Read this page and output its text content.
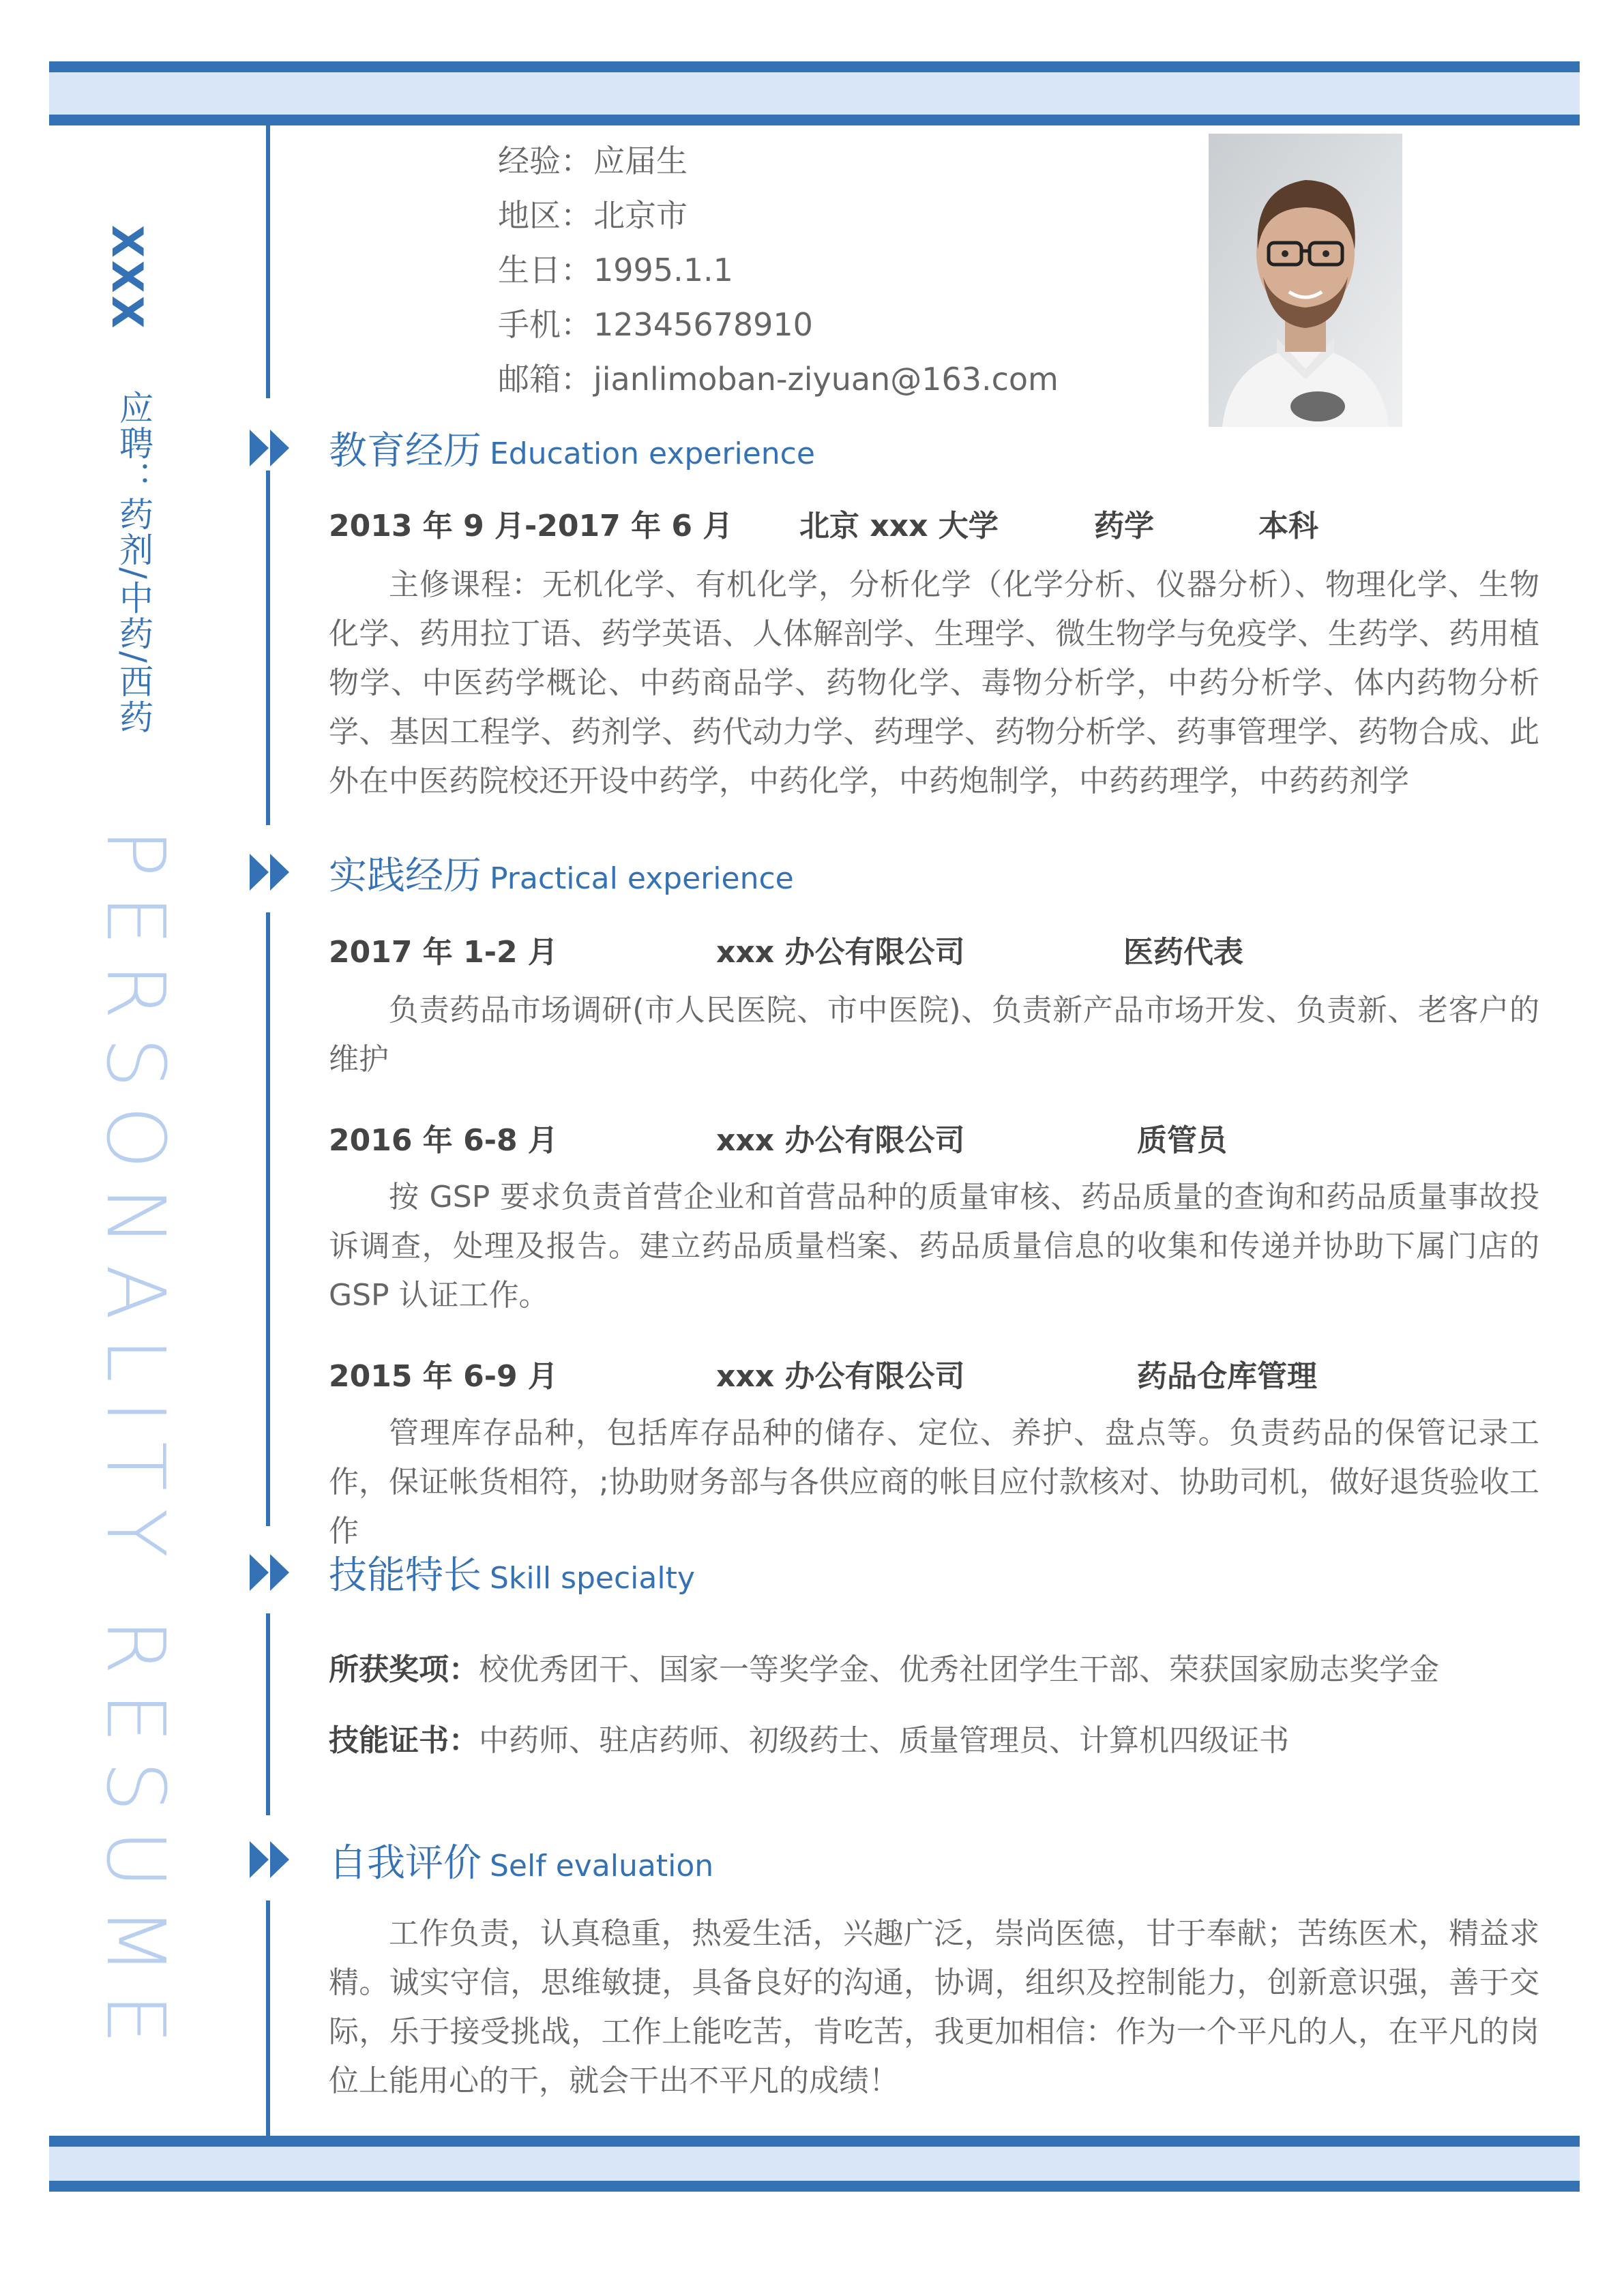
XXX
应聘：药剂/中药/西药
PERSONALITY RESUME
经验：应届生
地区：北京市
生日：1995.1.1
手机：12345678910
邮箱：jianlimoban-ziyuan@163.com
教育经历 Education experience
2013 年 9 月-2017 年 6 月 北京 xxx 大学	药学	本科

主修课程：无机化学、有机化学，分析化学（化学分析、仪器分析）、物理化学、生物化学、药用拉丁语、药学英语、人体解剖学、生理学、微生物学与免疫学、生药学、药用植物学、中医药学概论、中药商品学、药物化学、毒物分析学，中药分析学、体内药物分析学、基因工程学、药剂学、药代动力学、药理学、药物分析学、药事管理学、药物合成、此外在中医药院校还开设中药学，中药化学，中药炮制学，中药药理学，中药药剂学

实践经历 Practical experience
2017 年 1-2 月	xxx 办公有限公司	医药代表

负责药品市场调研(市人民医院、市中医院)、负责新产品市场开发、负责新、老客户的维护

2016 年 6-8 月	xxx 办公有限公司	质管员

按 GSP 要求负责首营企业和首营品种的质量审核、药品质量的查询和药品质量事故投诉调查，处理及报告。建立药品质量档案、药品质量信息的收集和传递并协助下属门店的 GSP 认证工作。

2015 年 6-9 月	xxx 办公有限公司	药品仓库管理

管理库存品种，包括库存品种的储存、定位、养护、盘点等。负责药品的保管记录工作，保证帐货相符，;协助财务部与各供应商的帐目应付款核对、协助司机，做好退货验收工作

技能特长 Skill specialty
所获奖项：校优秀团干、国家一等奖学金、优秀社团学生干部、荣获国家励志奖学金
技能证书：中药师、驻店药师、初级药士、质量管理员、计算机四级证书
自我评价 Self evaluation

工作负责，认真稳重，热爱生活，兴趣广泛，崇尚医德，甘于奉献；苦练医术，精益求精。诚实守信，思维敏捷，具备良好的沟通，协调，组织及控制能力，创新意识强，善于交际，乐于接受挑战，工作上能吃苦，肯吃苦，我更加相信：作为一个平凡的人，在平凡的岗位上能用心的干，就会干出不平凡的成绩！
